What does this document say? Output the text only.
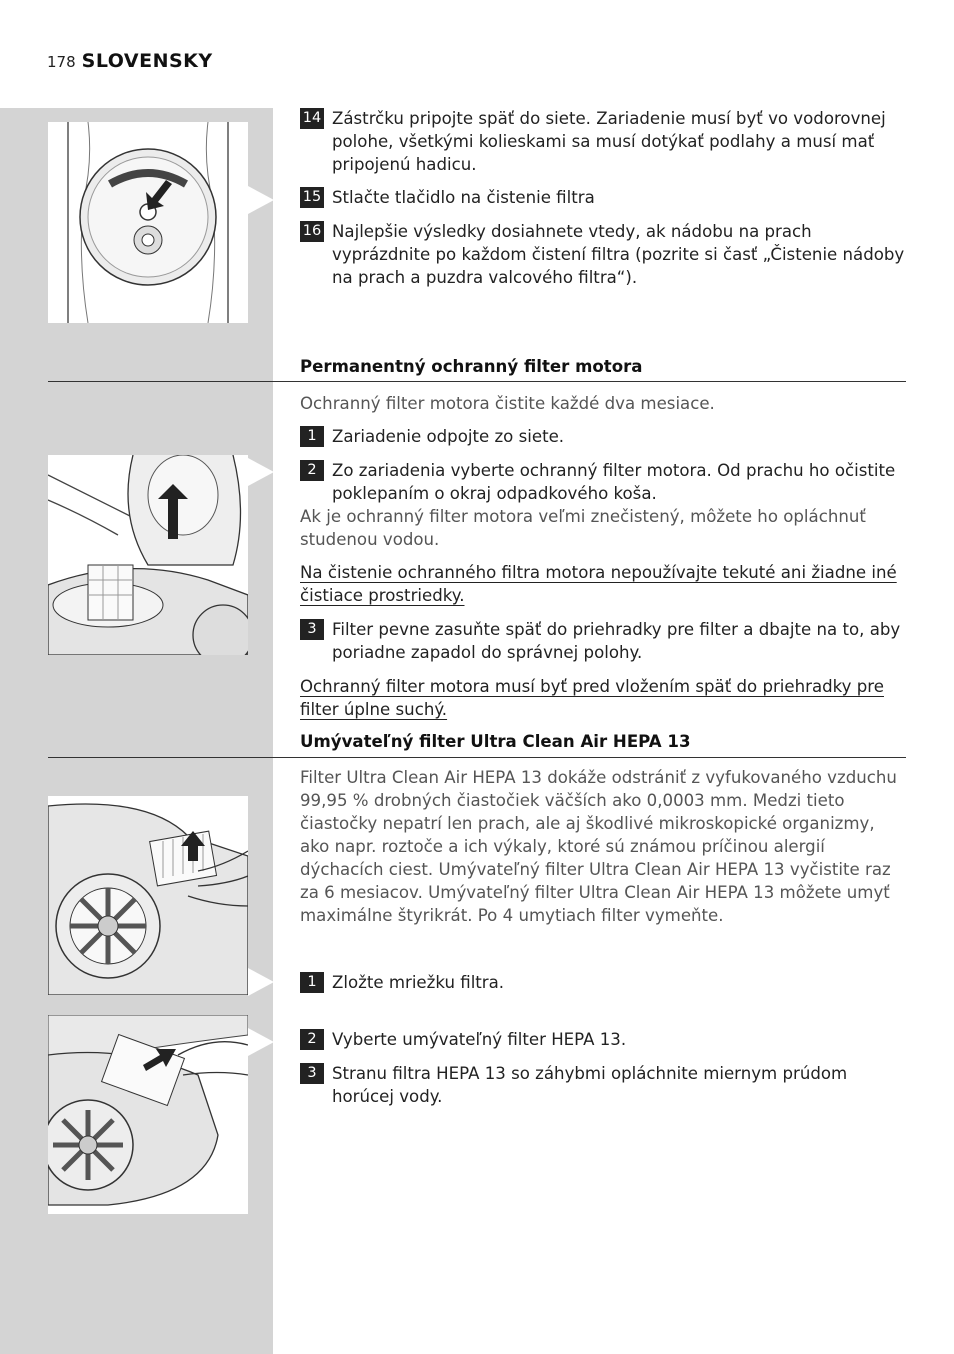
178 SLOVENSKY
14 Zástrčku pripojte späť do siete. Zariadenie musí byť vo vodorovnej polohe, všetkými kolieskami sa musí dotýkať podlahy a musí mať pripojenú hadicu.
15 Stlačte tlačidlo na čistenie filtra
16 Najlepšie výsledky dosiahnete vtedy, ak nádobu na prach vyprázdnite po každom čistení filtra (pozrite si časť „Čistenie nádoby na prach a puzdra valcového filtra“).
Permanentný ochranný filter motora
Ochranný filter motora čistite každé dva mesiace.
1 Zariadenie odpojte zo siete.
2 Zo zariadenia vyberte ochranný filter motora. Od prachu ho očistite poklepaním o okraj odpadkového koša.
Ak je ochranný filter motora veľmi znečistený, môžete ho opláchnuť studenou vodou.
Na čistenie ochranného filtra motora nepoužívajte tekuté ani žiadne iné čistiace prostriedky.
3 Filter pevne zasuňte späť do priehradky pre filter a dbajte na to, aby poriadne zapadol do správnej polohy.
Ochranný filter motora musí byť pred vložením späť do priehradky pre filter úplne suchý.
Umývateľný filter Ultra Clean Air HEPA 13
Filter Ultra Clean Air HEPA 13 dokáže odstrániť z vyfukovaného vzduchu 99,95 % drobných čiastočiek väčších ako 0,0003 mm. Medzi tieto čiastočky nepatrí len prach, ale aj škodlivé mikroskopické organizmy, ako napr. roztoče a ich výkaly, ktoré sú známou príčinou alergií dýchacích ciest. Umývateľný filter Ultra Clean Air HEPA 13 vyčistite raz za 6 mesiacov. Umývateľný filter Ultra Clean Air HEPA 13 môžete umyť maximálne štyrikrát. Po 4 umytiach filter vymeňte.
1 Zložte mriežku filtra.
2 Vyberte umývateľný filter HEPA 13.
3 Stranu filtra HEPA 13 so záhybmi opláchnite miernym prúdom horúcej vody.
